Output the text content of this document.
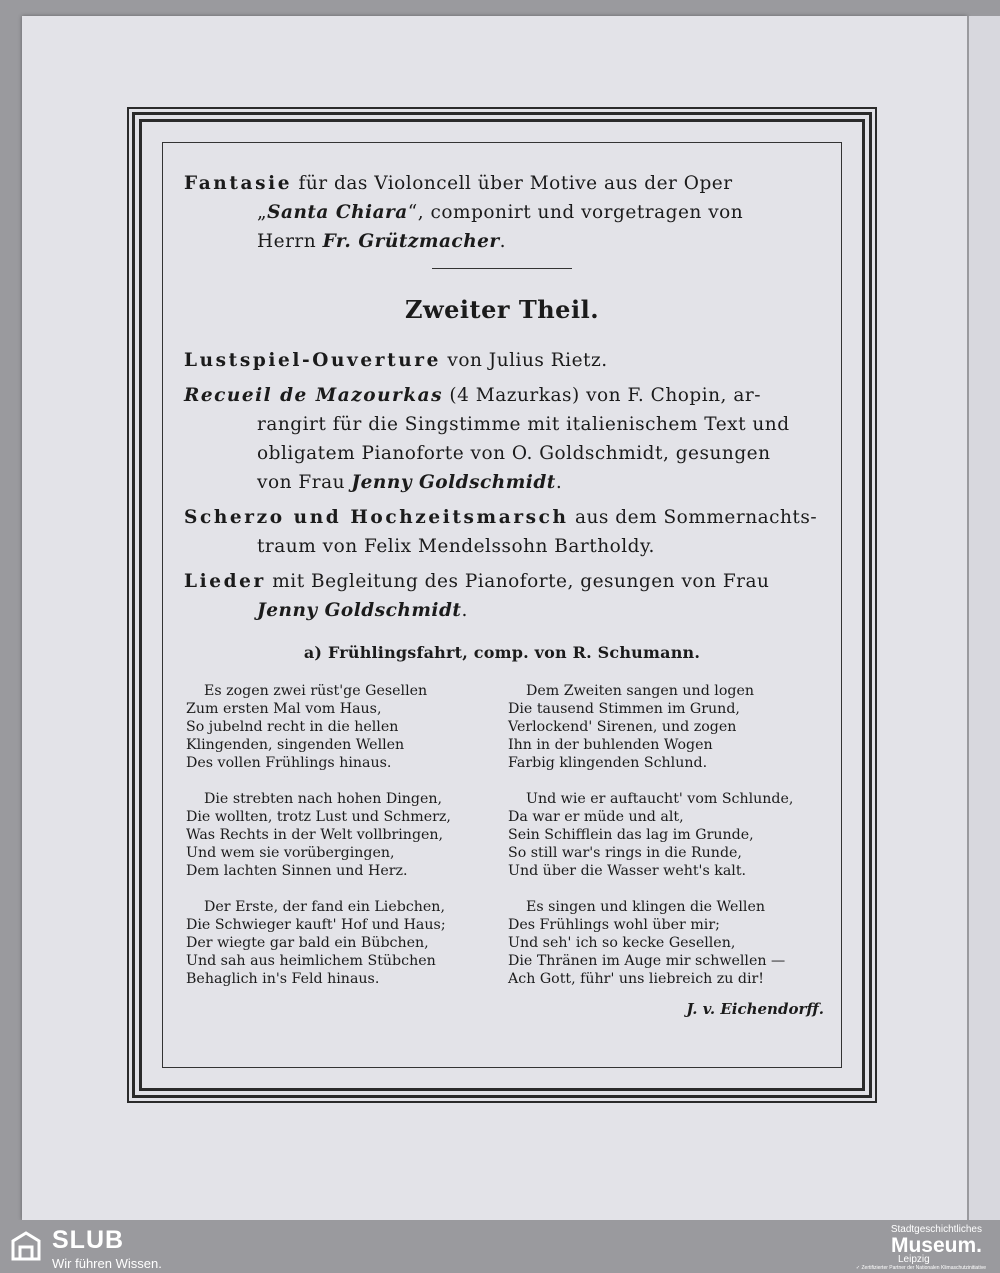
Fantasie für das Violoncell über Motive aus der Oper
„Santa Chiara“, componirt und vorgetragen von
Herrn Fr. Grützmacher.

Zweiter Theil.

Lustspiel-Ouverture von Julius Rietz.

Recueil de Mazourkas (4 Mazurkas) von F. Chopin, ar-
rangirt für die Singstimme mit italienischem Text und
obligatem Pianoforte von O. Goldschmidt, gesungen
von Frau Jenny Goldschmidt.

Scherzo und Hochzeitsmarsch aus dem Sommernachts-
traum von Felix Mendelssohn Bartholdy.

Lieder mit Begleitung des Pianoforte, gesungen von Frau
Jenny Goldschmidt.

a) Frühlingsfahrt, comp. von R. Schumann.
Es zogen zwei rüst'ge Gesellen
Zum ersten Mal vom Haus,
So jubelnd recht in die hellen
Klingenden, singenden Wellen
Des vollen Frühlings hinaus.
Die strebten nach hohen Dingen,
Die wollten, trotz Lust und Schmerz,
Was Rechts in der Welt vollbringen,
Und wem sie vorübergingen,
Dem lachten Sinnen und Herz.
Der Erste, der fand ein Liebchen,
Die Schwieger kauft' Hof und Haus;
Der wiegte gar bald ein Bübchen,
Und sah aus heimlichem Stübchen
Behaglich in's Feld hinaus.
Dem Zweiten sangen und logen
Die tausend Stimmen im Grund,
Verlockend' Sirenen, und zogen
Ihn in der buhlenden Wogen
Farbig klingenden Schlund.
Und wie er auftaucht' vom Schlunde,
Da war er müde und alt,
Sein Schifflein das lag im Grunde,
So still war's rings in die Runde,
Und über die Wasser weht's kalt.
Es singen und klingen die Wellen
Des Frühlings wohl über mir;
Und seh' ich so kecke Gesellen,
Die Thränen im Auge mir schwellen —
Ach Gott, führ' uns liebreich zu dir!
J. v. Eichendorff.
SLUB
Wir führen Wissen.
Stadtgeschichtliches
Museum.
Leipzig
✓ Zertifizierter Partner der Nationalen Klimaschutzinitiative
